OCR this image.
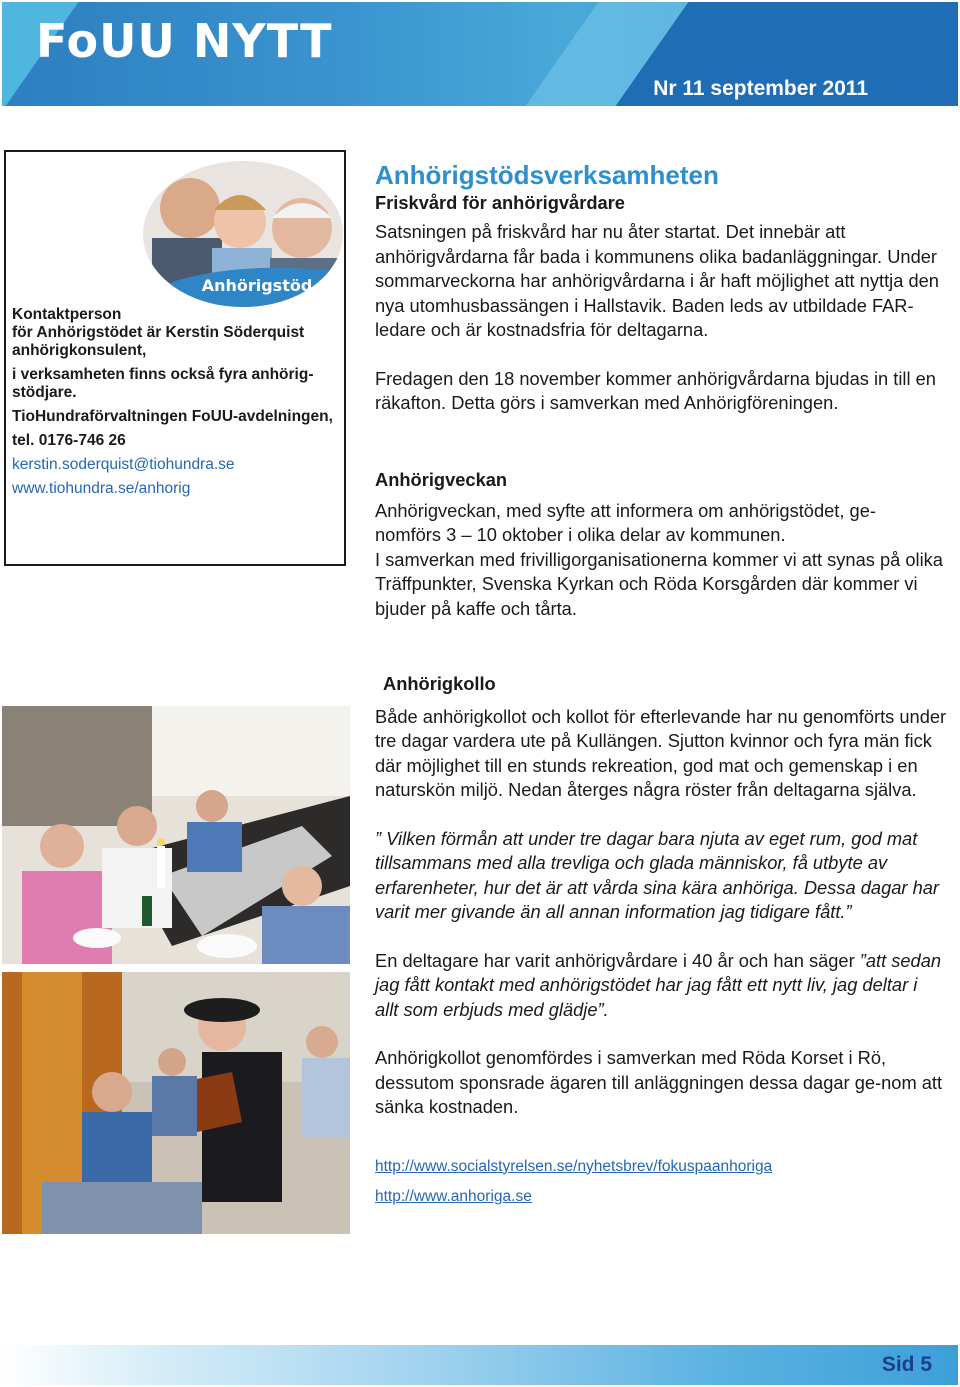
FoUU NYTT
Nr 11 september 2011
Anhörigstöd

Kontaktperson

för Anhörigstödet är Kerstin Söderquist anhörigkonsulent,

i verksamheten finns också fyra anhörig-stödjare.

TioHundraförvaltningen FoUU-avdelningen,

tel. 0176-746 26

kerstin.soderquist@tiohundra.se

www.tiohundra.se/anhorig

Anhörigstödsverksamheten

Friskvård för anhörigvårdare

Satsningen på friskvård har nu åter startat. Det innebär att anhörigvårdarna får bada i kommunens olika badanläggningar. Under sommarveckorna har anhörigvårdarna i år haft möjlighet att nyttja den nya utomhusbassängen i Hallstavik. Baden leds av utbildade FAR-ledare och är kostnadsfria för deltagarna.

Fredagen den 18 november kommer anhörigvårdarna bjudas in till en räkafton. Detta görs i samverkan med Anhörigföreningen.

Anhörigveckan

Anhörigveckan, med syfte att informera om anhörigstödet, ge-nomförs 3 – 10 oktober i olika delar av kommunen.

I samverkan med frivilligorganisationerna kommer vi att synas på olika Träffpunkter, Svenska Kyrkan och Röda Korsgården där kommer vi bjuder på kaffe och tårta.

Anhörigkollo

Både anhörigkollot och kollot för efterlevande har nu genomförts under tre dagar vardera ute på Kullängen. Sjutton kvinnor och fyra män fick där möjlighet till en stunds rekreation, god mat och gemenskap i en naturskön miljö. Nedan återges några röster från deltagarna själva.

” Vilken förmån att under tre dagar bara njuta av eget rum, god mat tillsammans med alla trevliga och glada människor, få utbyte av erfarenheter, hur det är att vårda sina kära anhöriga. Dessa dagar har varit mer givande än all annan information jag tidigare fått.”

En deltagare har varit anhörigvårdare i 40 år och han säger ”att sedan jag fått kontakt med anhörigstödet har jag fått ett nytt liv, jag deltar i allt som erbjuds med glädje”.

Anhörigkollot genomfördes i samverkan med Röda Korset i Rö, dessutom sponsrade ägaren till anläggningen dessa dagar ge-nom att sänka kostnaden.

http://www.socialstyrelsen.se/nyhetsbrev/fokuspaanhoriga

http://www.anhoriga.se

Sid 5
